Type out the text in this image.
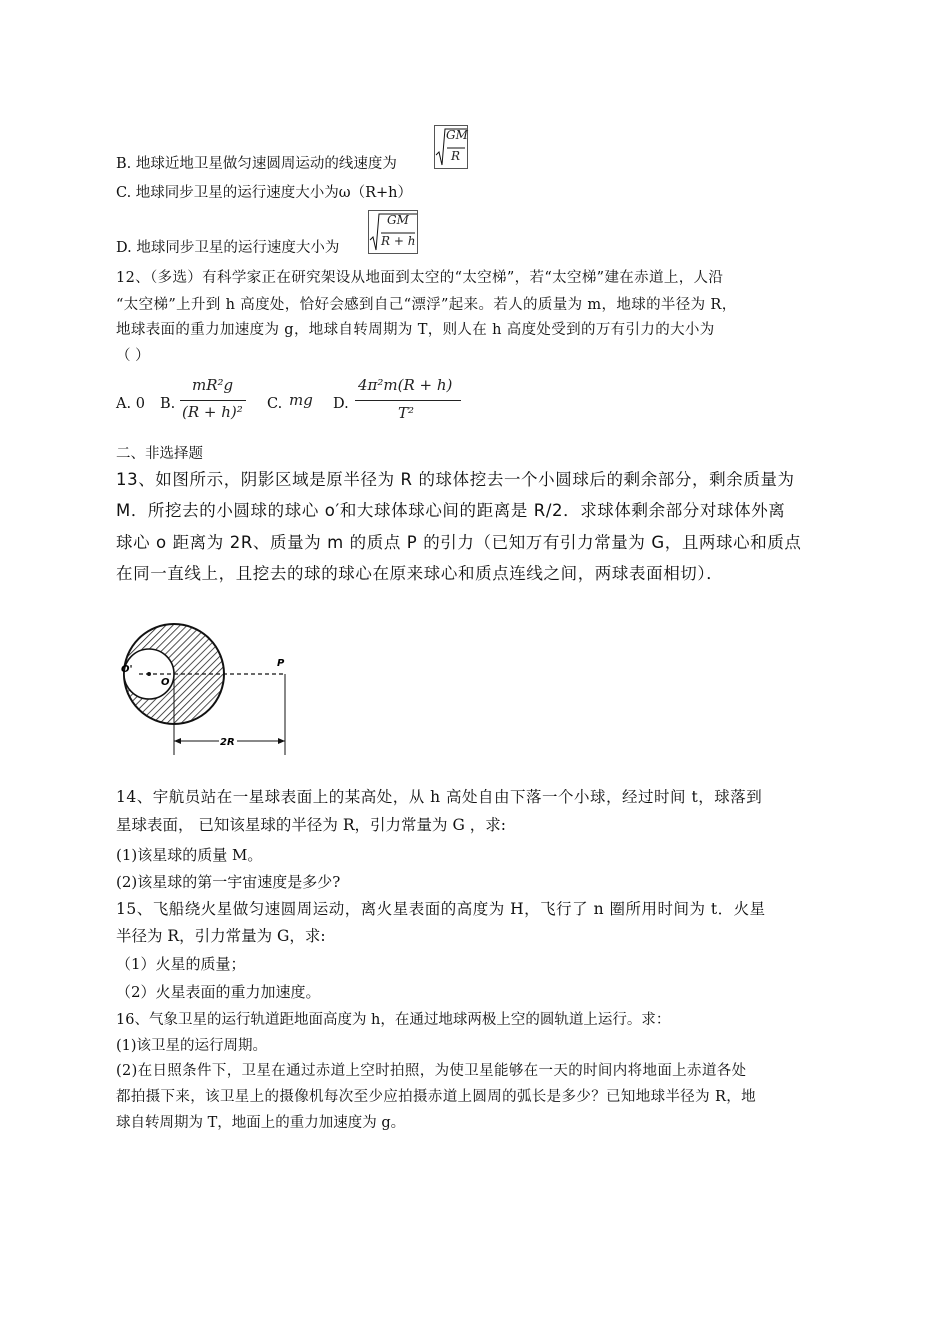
B. 地球近地卫星做匀速圆周运动的线速度为
GM
R
C. 地球同步卫星的运行速度大小为ω（R+h）
D. 地球同步卫星的运行速度大小为
GM
R + h
12、（多选）有科学家正在研究架设从地面到太空的“太空梯”，若“太空梯”建在赤道上，人沿
“太空梯”上升到 h 高度处，恰好会感到自己“漂浮”起来。若人的质量为 m，地球的半径为 R，
地球表面的重力加速度为 g，地球自转周期为 T，则人在 h 高度处受到的万有引力的大小为
（ ）
A. 0 B.
mR²g
(R + h)² C. mg D.
4π²m(R + h)
T²
二、非选择题
13、如图所示，阴影区域是原半径为 R 的球体挖去一个小圆球后的剩余部分，剩余质量为
M．所挖去的小圆球的球心 o′和大球体球心间的距离是 R/2．求球体剩余部分对球体外离
球心 o 距离为 2R、质量为 m 的质点 P 的引力（已知万有引力常量为 G，且两球心和质点
在同一直线上，且挖去的球的球心在原来球心和质点连线之间，两球表面相切）．
2R
O'
O
P
14、宇航员站在一星球表面上的某高处，从 h 高处自由下落一个小球，经过时间 t，球落到
星球表面， 已知该星球的半径为 R，引力常量为 G ，求:
(1)该星球的质量 M。
(2)该星球的第一宇宙速度是多少?
15、飞船绕火星做匀速圆周运动，离火星表面的高度为 H，飞行了 n 圈所用时间为 t．火星
半径为 R，引力常量为 G，求:
（1）火星的质量；
（2）火星表面的重力加速度。
16、气象卫星的运行轨道距地面高度为 h，在通过地球两极上空的圆轨道上运行。求：
(1)该卫星的运行周期。
(2)在日照条件下，卫星在通过赤道上空时拍照，为使卫星能够在一天的时间内将地面上赤道各处
都拍摄下来，该卫星上的摄像机每次至少应拍摄赤道上圆周的弧长是多少？已知地球半径为 R，地
球自转周期为 T，地面上的重力加速度为 g。
